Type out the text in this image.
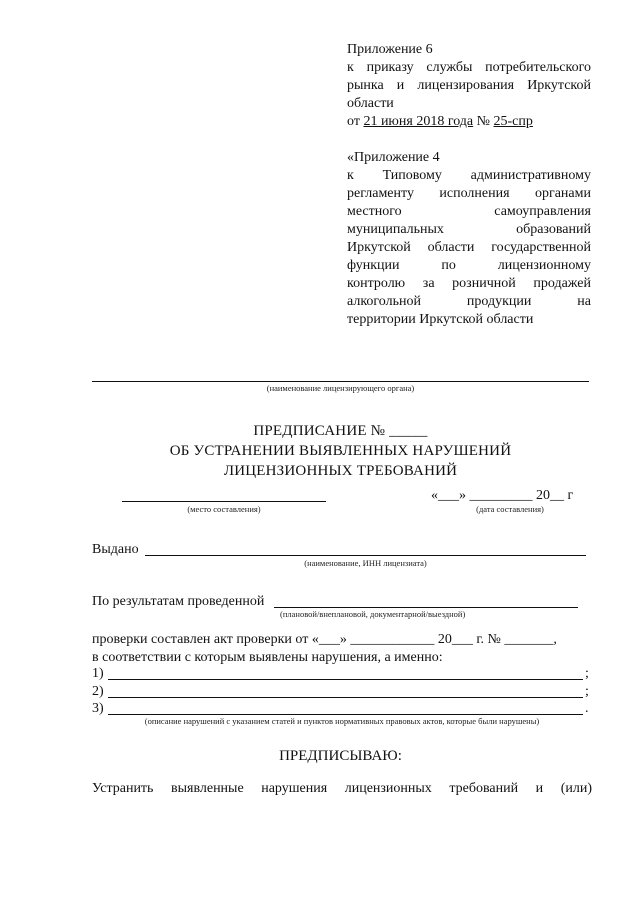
Приложение 6
к приказу службы потребительского
рынка и лицензирования Иркутской
области
от 21 июня 2018 года № 25-спр
«Приложение 4
к Типовому административному
регламенту исполнения органами
местного самоуправления
муниципальных образований
Иркутской области государственной
функции по лицензионному
контролю за розничной продажей
алкогольной продукции на
территории Иркутской области
(наименование лицензирующего органа)
ПРЕДПИСАНИЕ № _____
ОБ УСТРАНЕНИИ ВЫЯВЛЕННЫХ НАРУШЕНИЙ
ЛИЦЕНЗИОННЫХ ТРЕБОВАНИЙ
(место составления)
«___» _________ 20__ г
(дата составления)
Выдано
(наименование, ИНН лицензиата)
По результатам проведенной
(плановой/внеплановой, документарной/выездной)
проверки составлен акт проверки от «___» ____________ 20___ г. № _______,
в соответствии с которым выявлены нарушения, а именно:
1)	;
2)	;
3)	.
(описание нарушений с указанием статей и пунктов нормативных правовых актов, которые были нарушены)
ПРЕДПИСЫВАЮ:
Устранить выявленные нарушения лицензионных требований и (или)
